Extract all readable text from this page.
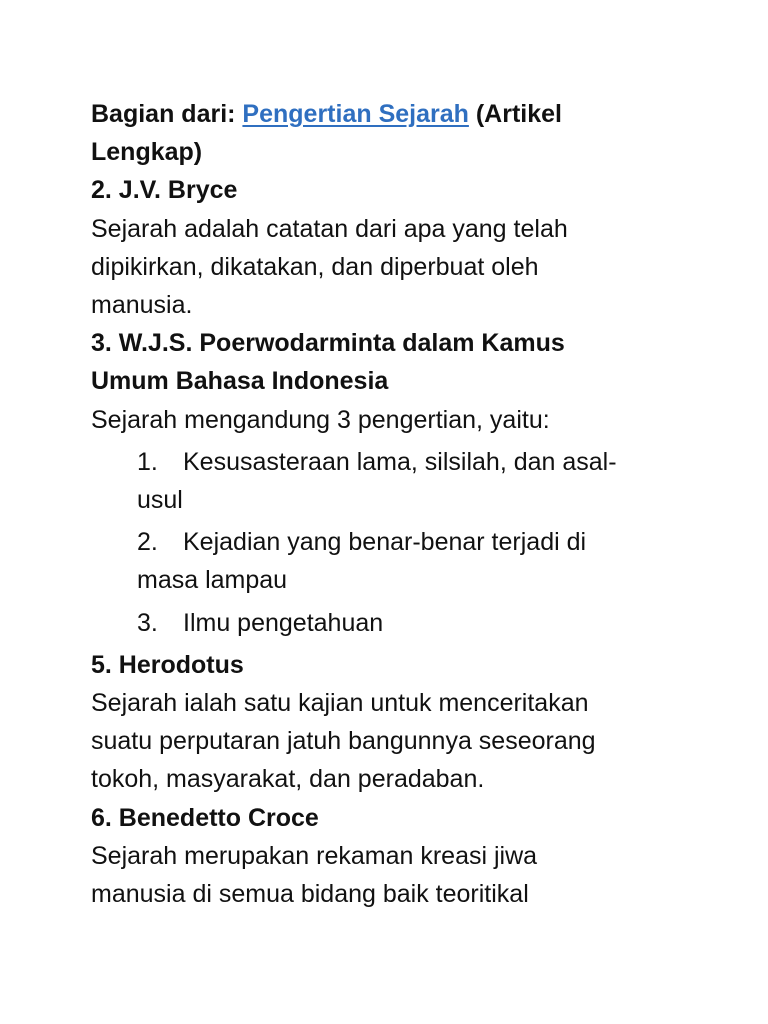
Bagian dari: Pengertian Sejarah (Artikel

Lengkap)

2. J.V. Bryce

Sejarah adalah catatan dari apa yang telah

dipikirkan, dikatakan, dan diperbuat oleh

manusia.

3. W.J.S. Poerwodarminta dalam Kamus

Umum Bahasa Indonesia

Sejarah mengandung 3 pengertian, yaitu:

1.	Kesusasteraan lama, silsilah, dan asal-

usul

2.	Kejadian yang benar-benar terjadi di

masa lampau

3.	Ilmu pengetahuan

5. Herodotus

Sejarah ialah satu kajian untuk menceritakan

suatu perputaran jatuh bangunnya seseorang

tokoh, masyarakat, dan peradaban.

6. Benedetto Croce

Sejarah merupakan rekaman kreasi jiwa

manusia di semua bidang baik teoritikal
